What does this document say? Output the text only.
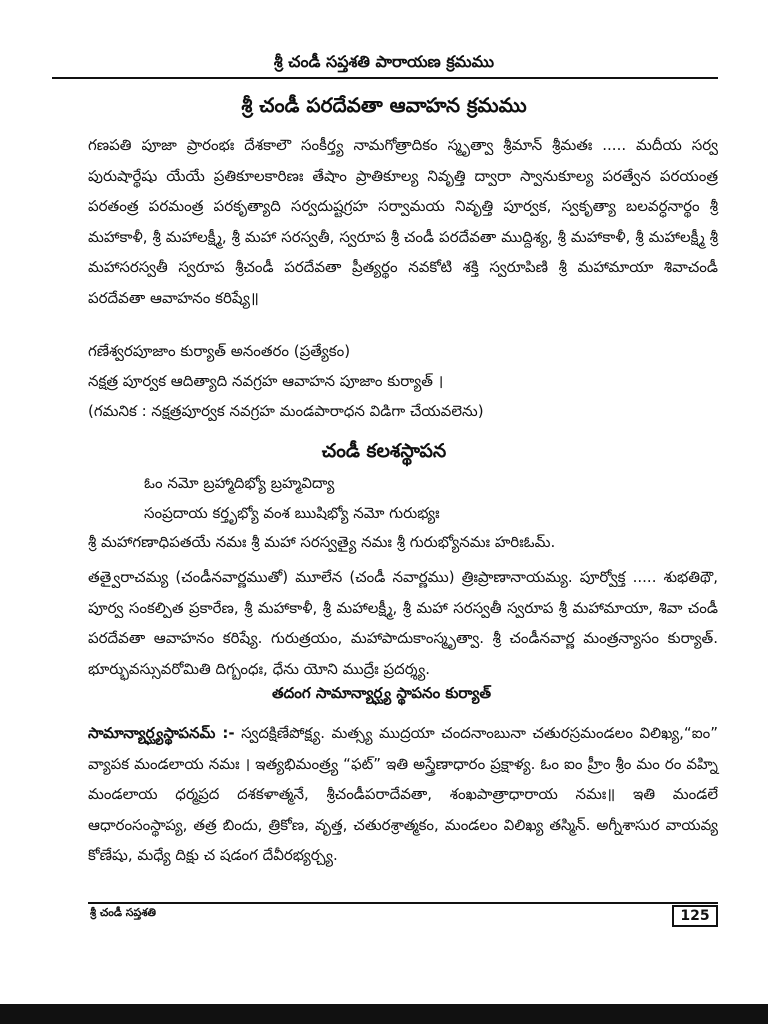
శ్రీ చండీ సప్తశతి పారాయణ క్రమము
శ్రీ చండీ పరదేవతా ఆవాహన క్రమము
గణపతి పూజా ప్రారంభః దేశకాలౌ సంకీర్త్య నామగోత్రాదికం స్మృత్వా శ్రీమాన్ శ్రీమతః ..... మదీయ సర్వ పురుషార్థేషు యేయే ప్రతికూలకారిణః తేషాం ప్రాతికూల్య నివృత్తి ద్వారా స్వానుకూల్య పరత్వేన పరయంత్ర పరతంత్ర పరమంత్ర పరకృత్యాది సర్వదుష్టగ్రహ సర్వామయ నివృత్తి పూర్వక, స్వకృత్యా బలవర్ధనార్థం శ్రీ మహాకాళీ, శ్రీ మహాలక్ష్మీ, శ్రీ మహా సరస్వతీ, స్వరూప శ్రీ చండీ పరదేవతా ముద్దిశ్య, శ్రీ మహాకాళీ, శ్రీ మహాలక్ష్మీ శ్రీ మహాసరస్వతీ స్వరూప శ్రీచండీ పరదేవతా ప్రీత్యర్థం నవకోటి శక్తి స్వరూపిణి శ్రీ మహామాయా శివాచండీ పరదేవతా ఆవాహనం కరిష్యే॥
గణేశ్వరపూజాం కుర్యాత్ అనంతరం (ప్రత్యేకం)
నక్షత్ర పూర్వక ఆదిత్యాది నవగ్రహ ఆవాహన పూజాం కుర్యాత్ ।
(గమనిక : నక్షత్రపూర్వక నవగ్రహ మండపారాధన విడిగా చేయవలెను)
చండీ కలశస్థాపన
ఓం నమో బ్రహ్మాదిభ్యో బ్రహ్మవిద్యా
సంప్రదాయ కర్తృభ్యో వంశ ఋషిభ్యో నమో గురుభ్యః
శ్రీ మహాగణాధిపతయే నమః శ్రీ మహా సరస్వత్యై నమః శ్రీ గురుభ్యోనమః హరిఃఓమ్.
తత్వైరాచమ్య (చండీనవార్ణముతో) మూలేన (చండీ నవార్ణము) త్రిఃప్రాణానాయమ్య. పూర్వోక్త ..... శుభతిథౌ, పూర్వ సంకల్పిత ప్రకారేణ, శ్రీ మహాకాళీ, శ్రీ మహాలక్ష్మీ, శ్రీ మహా సరస్వతీ స్వరూప శ్రీ మహామాయా, శివా చండీ పరదేవతా ఆవాహనం కరిష్యే. గురుత్రయం, మహాపాదుకాంస్మృత్వా. శ్రీ చండీనవార్ణ మంత్రన్యాసం కుర్యాత్. భూర్భువస్సువరోమితి దిగ్బంధః, ధేను యోని ముద్రేః ప్రదర్శ్య.
తదంగ సామాన్యార్ఘ్య స్థాపనం కుర్యాత్
సామాన్యార్ఘ్యస్థాపనమ్ :- స్వదక్షిణేపోక్ష్య. మత్స్య ముద్రయా చందనాంబునా చతురస్రమండలం విలిఖ్య,“ఐం” వ్యాపక మండలాయ నమః । ఇత్యభిమంత్ర్య “ఫట్” ఇతి అస్త్రేణాధారం ప్రక్షాళ్య. ఓం ఐం హ్రీం శ్రీం మం రం వహ్ని మండలాయ ధర్మప్రద దశకళాత్మనే, శ్రీచండీపరాదేవతా, శంఖపాత్రాధారాయ నమః॥ ఇతి మండలే ఆధారంసంస్థాప్య, తత్ర బిందు, త్రికోణ, వృత్త, చతురశ్రాత్మకం, మండలం విలిఖ్య తస్మిన్. అగ్నీశాసుర వాయవ్య కోణేషు, మధ్యే దిక్షు చ షడంగ దేవీరభ్యర్చ్య.
శ్రీ చండీ సప్తశతి	125
